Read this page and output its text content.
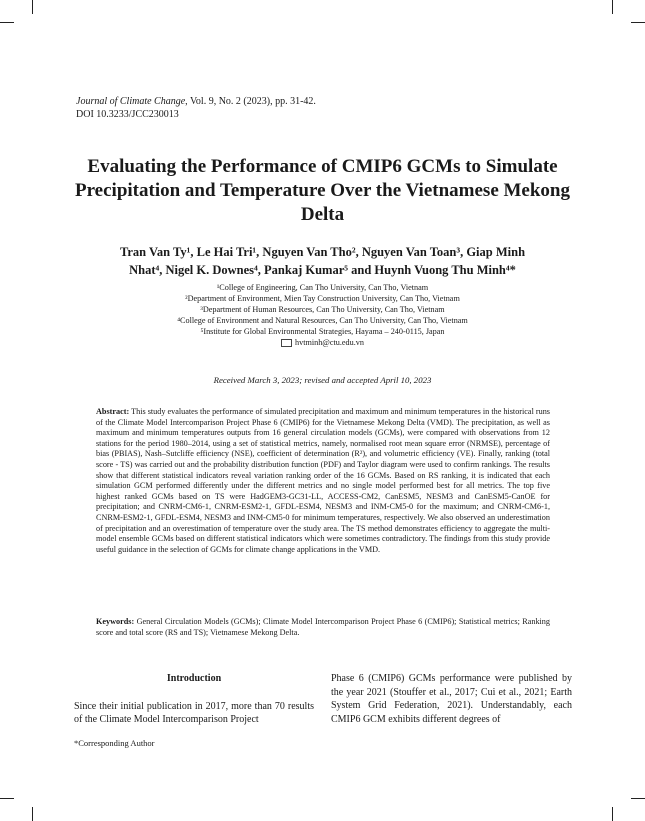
Journal of Climate Change, Vol. 9, No. 2 (2023), pp. 31-42.
DOI 10.3233/JCC230013
Evaluating the Performance of CMIP6 GCMs to Simulate Precipitation and Temperature Over the Vietnamese Mekong Delta
Tran Van Ty¹, Le Hai Tri¹, Nguyen Van Tho², Nguyen Van Toan³, Giap Minh
Nhat⁴, Nigel K. Downes⁴, Pankaj Kumar⁵ and Huynh Vuong Thu Minh⁴*
¹College of Engineering, Can Tho University, Can Tho, Vietnam
²Department of Environment, Mien Tay Construction University, Can Tho, Vietnam
³Department of Human Resources, Can Tho University, Can Tho, Vietnam
⁴College of Environment and Natural Resources, Can Tho University, Can Tho, Vietnam
⁵Institute for Global Environmental Strategies, Hayama – 240-0115, Japan
hvtminh@ctu.edu.vn
Received March 3, 2023; revised and accepted April 10, 2023
Abstract: This study evaluates the performance of simulated precipitation and maximum and minimum temperatures in the historical runs of the Climate Model Intercomparison Project Phase 6 (CMIP6) for the Vietnamese Mekong Delta (VMD). The precipitation, as well as maximum and minimum temperatures outputs from 16 general circulation models (GCMs), were compared with observations from 12 stations for the period 1980–2014, using a set of statistical metrics, namely, normalised root mean square error (NRMSE), percentage of bias (PBIAS), Nash–Sutcliffe efficiency (NSE), coefficient of determination (R²), and volumetric efficiency (VE). Finally, ranking (total score - TS) was carried out and the probability distribution function (PDF) and Taylor diagram were used to confirm rankings. The results show that different statistical indicators reveal variation ranking order of the 16 GCMs. Based on RS ranking, it is indicated that each simulation GCM performed differently under the different metrics and no single model performed best for all metrics. The top five highest ranked GCMs based on TS were HadGEM3-GC31-LL, ACCESS-CM2, CanESM5, NESM3 and CanESM5-CanOE for precipitation; and CNRM-CM6-1, CNRM-ESM2-1, GFDL-ESM4, NESM3 and INM-CM5-0 for the maximum; and CNRM-CM6-1, CNRM-ESM2-1, GFDL-ESM4, NESM3 and INM-CM5-0 for minimum temperatures, respectively. We also observed an underestimation of precipitation and an overestimation of temperature over the study area. The TS method demonstrates efficiency to aggregate the multi-model ensemble GCMs based on different statistical indicators which were sometimes contradictory. The findings from this study provide useful guidance in the selection of GCMs for climate change applications in the VMD.
Keywords: General Circulation Models (GCMs); Climate Model Intercomparison Project Phase 6 (CMIP6); Statistical metrics; Ranking score and total score (RS and TS); Vietnamese Mekong Delta.
Introduction
Since their initial publication in 2017, more than 70 results of the Climate Model Intercomparison Project
Phase 6 (CMIP6) GCMs performance were published by the year 2021 (Stouffer et al., 2017; Cui et al., 2021; Earth System Grid Federation, 2021). Understandably, each CMIP6 GCM exhibits different degrees of
*Corresponding Author
